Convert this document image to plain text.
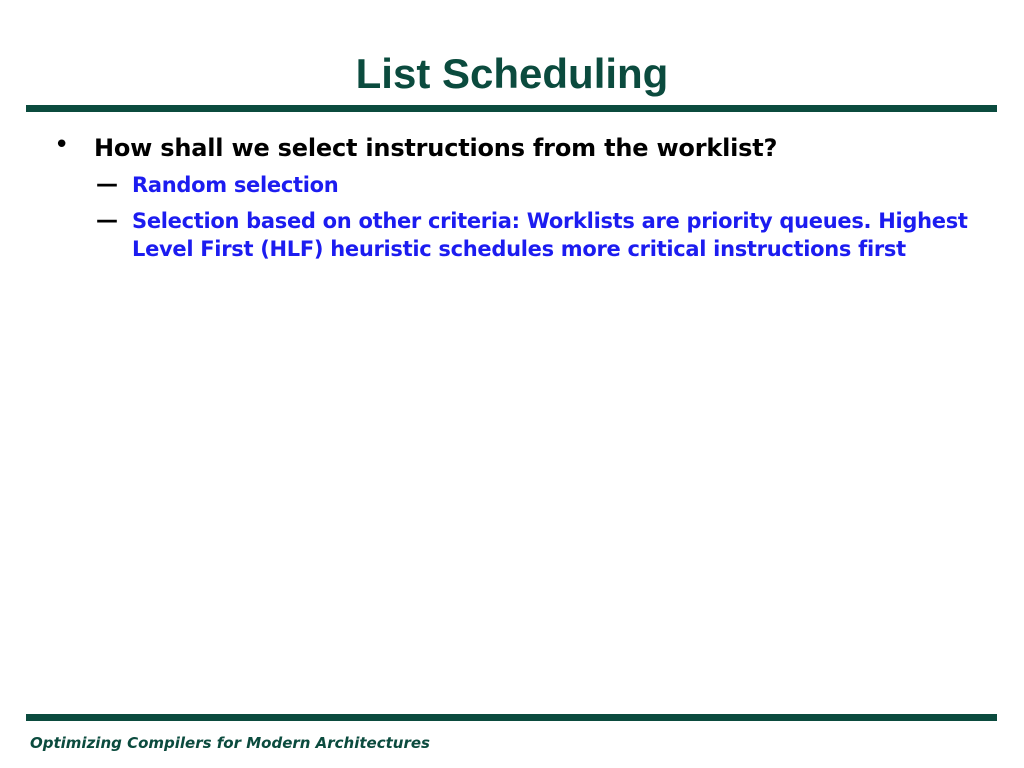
List Scheduling
•	How shall we select instructions from the worklist?
— Random selection
— Selection based on other criteria: Worklists are priority queues. Highest Level First (HLF) heuristic schedules more critical instructions first
Optimizing Compilers for Modern Architectures
